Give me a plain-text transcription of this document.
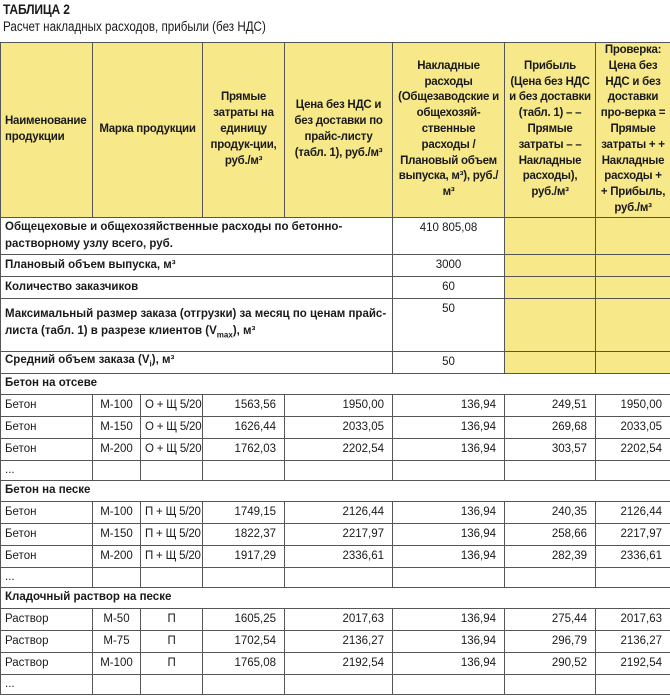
ТАБЛИЦА 2
Расчет накладных расходов, прибыли (без НДС)
Наименование продукции	Марка продукции		Прямые затраты на единицу продук-ции, руб./м³	Цена без НДС и без доставки по прайс-листу (табл. 1), руб./м³	Накладные расходы (Общезаводские и общехозяй-ственные расходы / Плановый объем выпуска, м³), руб./м³	Прибыль (Цена без НДС и без доставки (табл. 1) – – Прямые затраты – – Накладные расходы), руб./м³	Проверка: Цена без НДС и без доставки про-верка = Прямые затраты + + Накладные расходы + + Прибыль, руб./м³
Общецеховые и общехозяйственные расходы по бетонно-растворному узлу всего, руб.					410 805,08		
Плановый объем выпуска, м³					3000		
Количество заказчиков					60		
Максимальный размер заказа (отгрузки) за месяц по ценам прайс-листа (табл. 1) в разрезе клиентов $(V_{max})$, м³					50		
Средний объем заказа $(V_i)$, м³					50		
Бетон на отсеве							
Бетон	М-100	О + Щ 5/20	1563,56	1950,00	136,94	249,51	1950,00
Бетон	М-150	О + Щ 5/20	1626,44	2033,05	136,94	269,68	2033,05
Бетон	М-200	О + Щ 5/20	1762,03	2202,54	136,94	303,57	2202,54
...							
Бетон на песке							
Бетон	М-100	П + Щ 5/20	1749,15	2126,44	136,94	240,35	2126,44
Бетон	М-150	П + Щ 5/20	1822,37	2217,97	136,94	258,66	2217,97
Бетон	М-200	П + Щ 5/20	1917,29	2336,61	136,94	282,39	2336,61
...							
Кладочный раствор на песке							
Раствор	М-50	П	1605,25	2017,63	136,94	275,44	2017,63
Раствор	М-75	П	1702,54	2136,27	136,94	296,79	2136,27
Раствор	М-100	П	1765,08	2192,54	136,94	290,52	2192,54
...							
